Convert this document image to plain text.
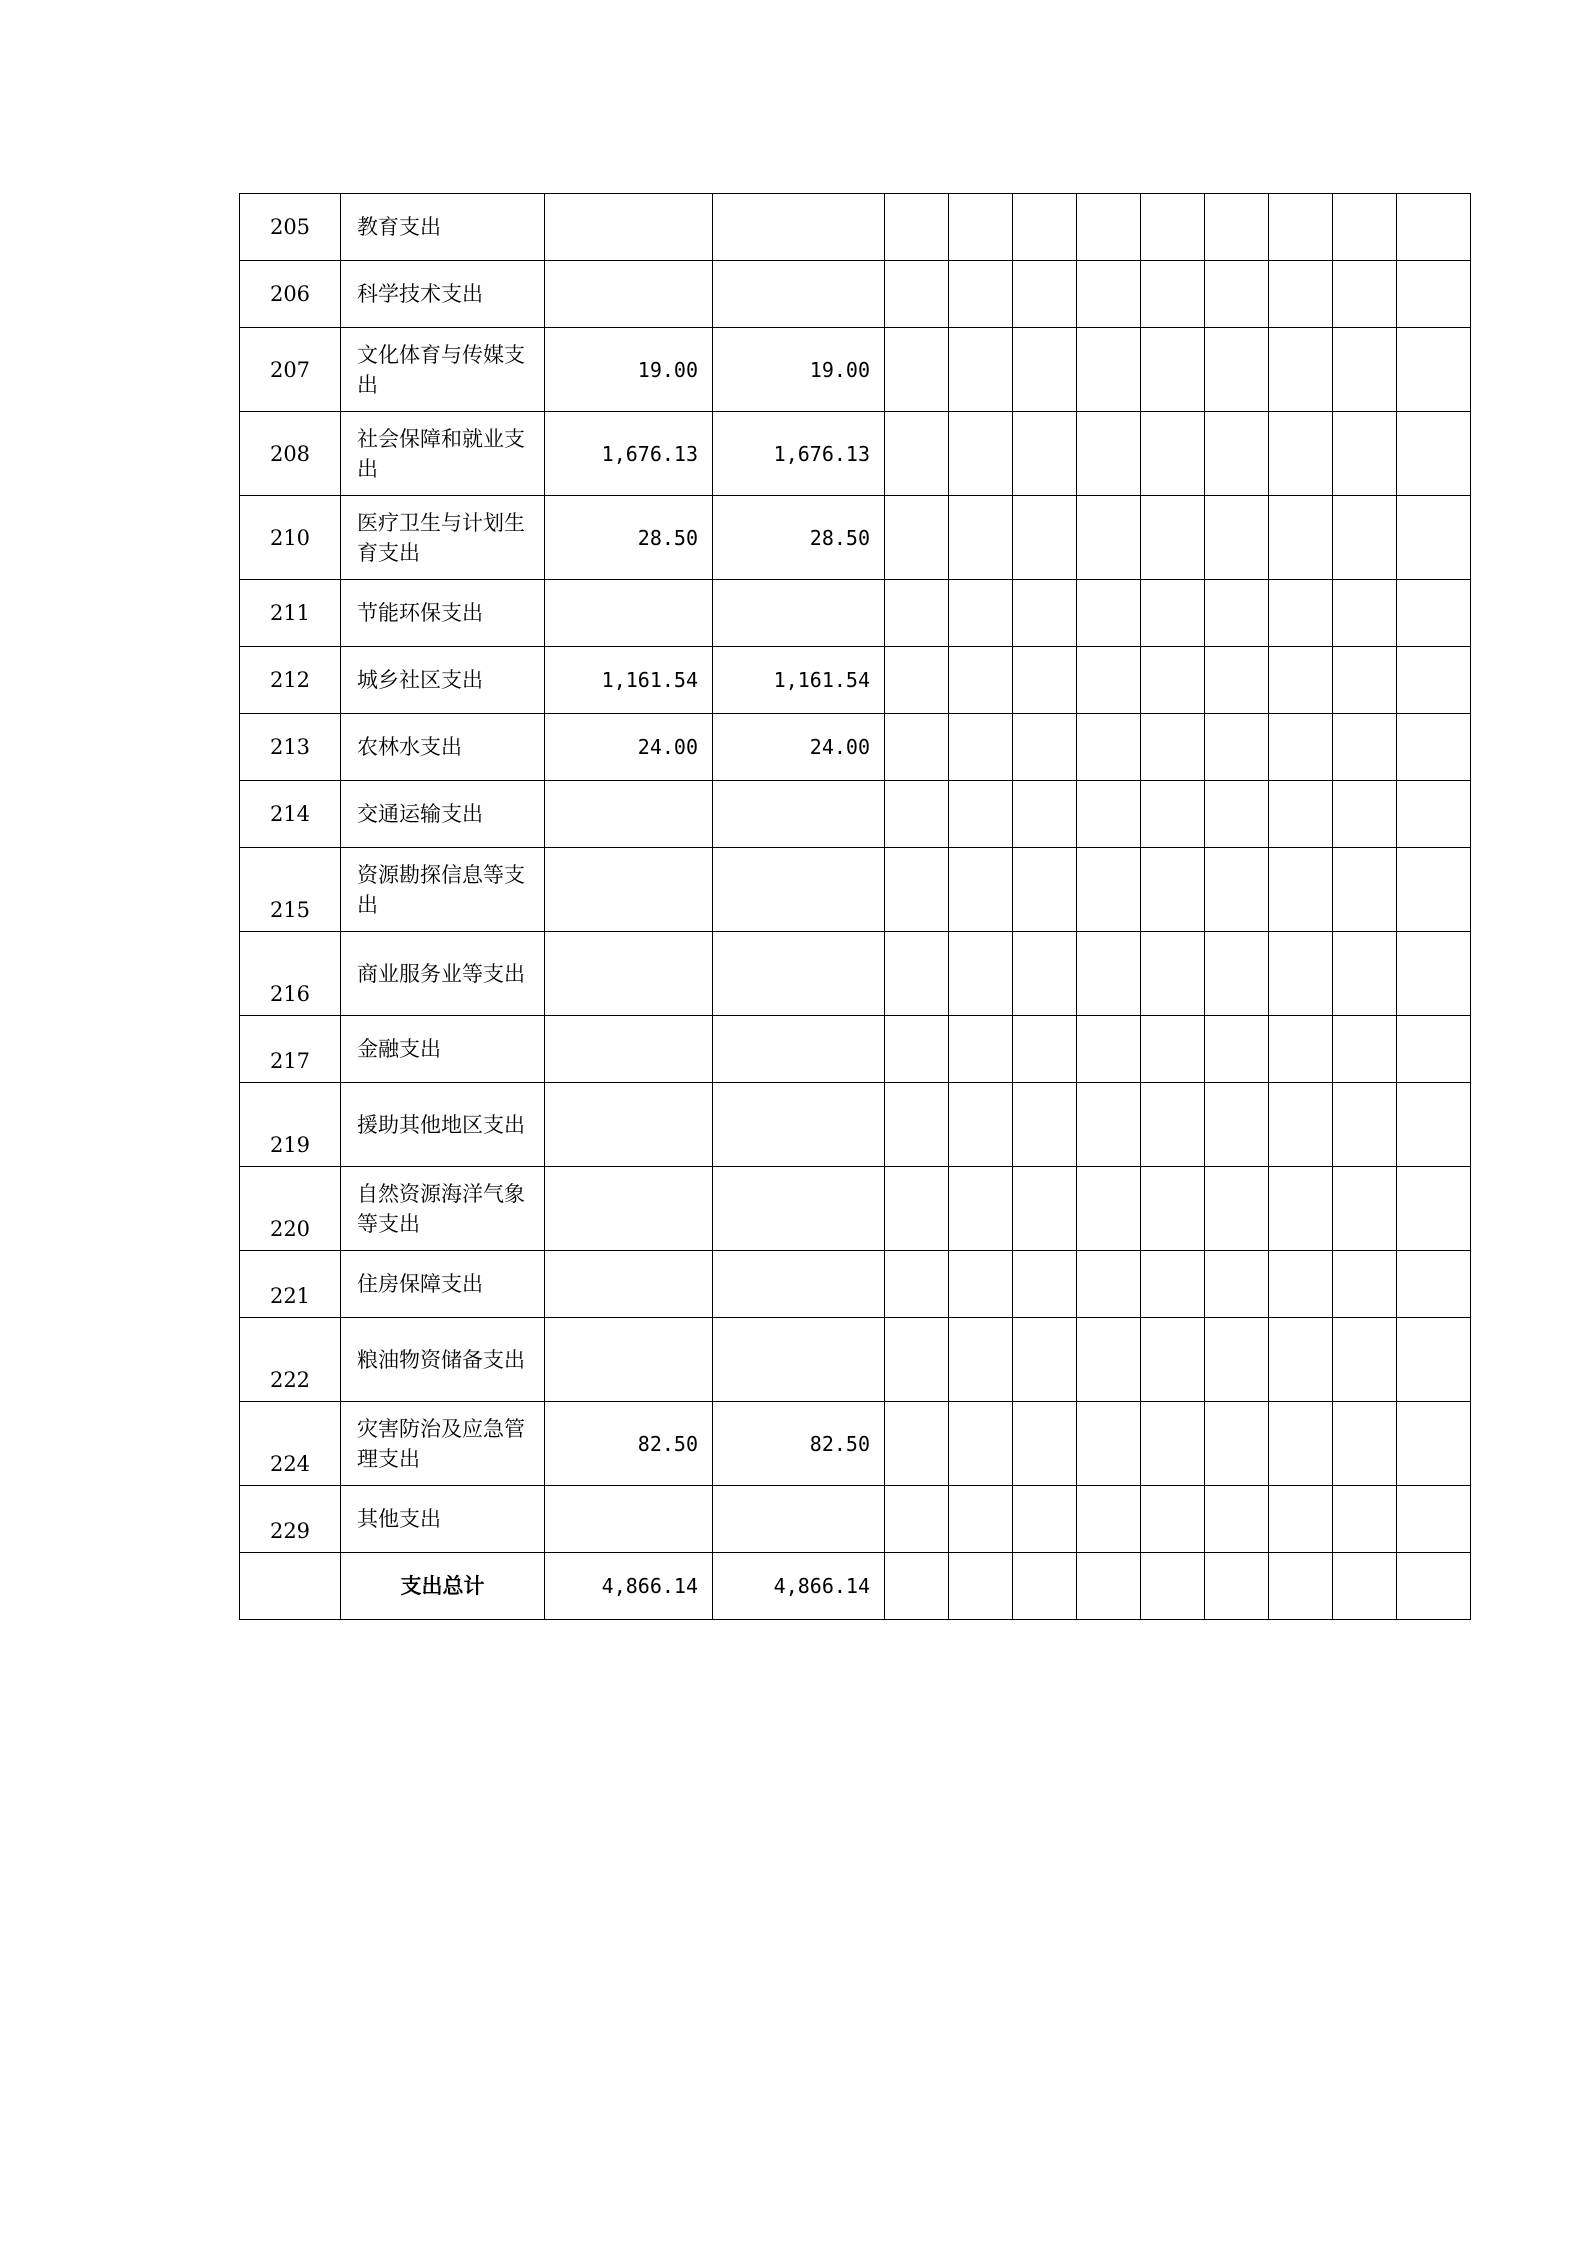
205	教育支出											
206	科学技术支出											
207	文化体育与传媒支出	19.00	19.00									
208	社会保障和就业支出	1,676.13	1,676.13									
210	医疗卫生与计划生育支出	28.50	28.50									
211	节能环保支出											
212	城乡社区支出	1,161.54	1,161.54									
213	农林水支出	24.00	24.00									
214	交通运输支出											
215	资源勘探信息等支出											
216	商业服务业等支出											
217	金融支出											
219	援助其他地区支出											
220	自然资源海洋气象等支出											
221	住房保障支出											
222	粮油物资储备支出											
224	灾害防治及应急管理支出	82.50	82.50									
229	其他支出											
	支出总计	4,866.14	4,866.14									
